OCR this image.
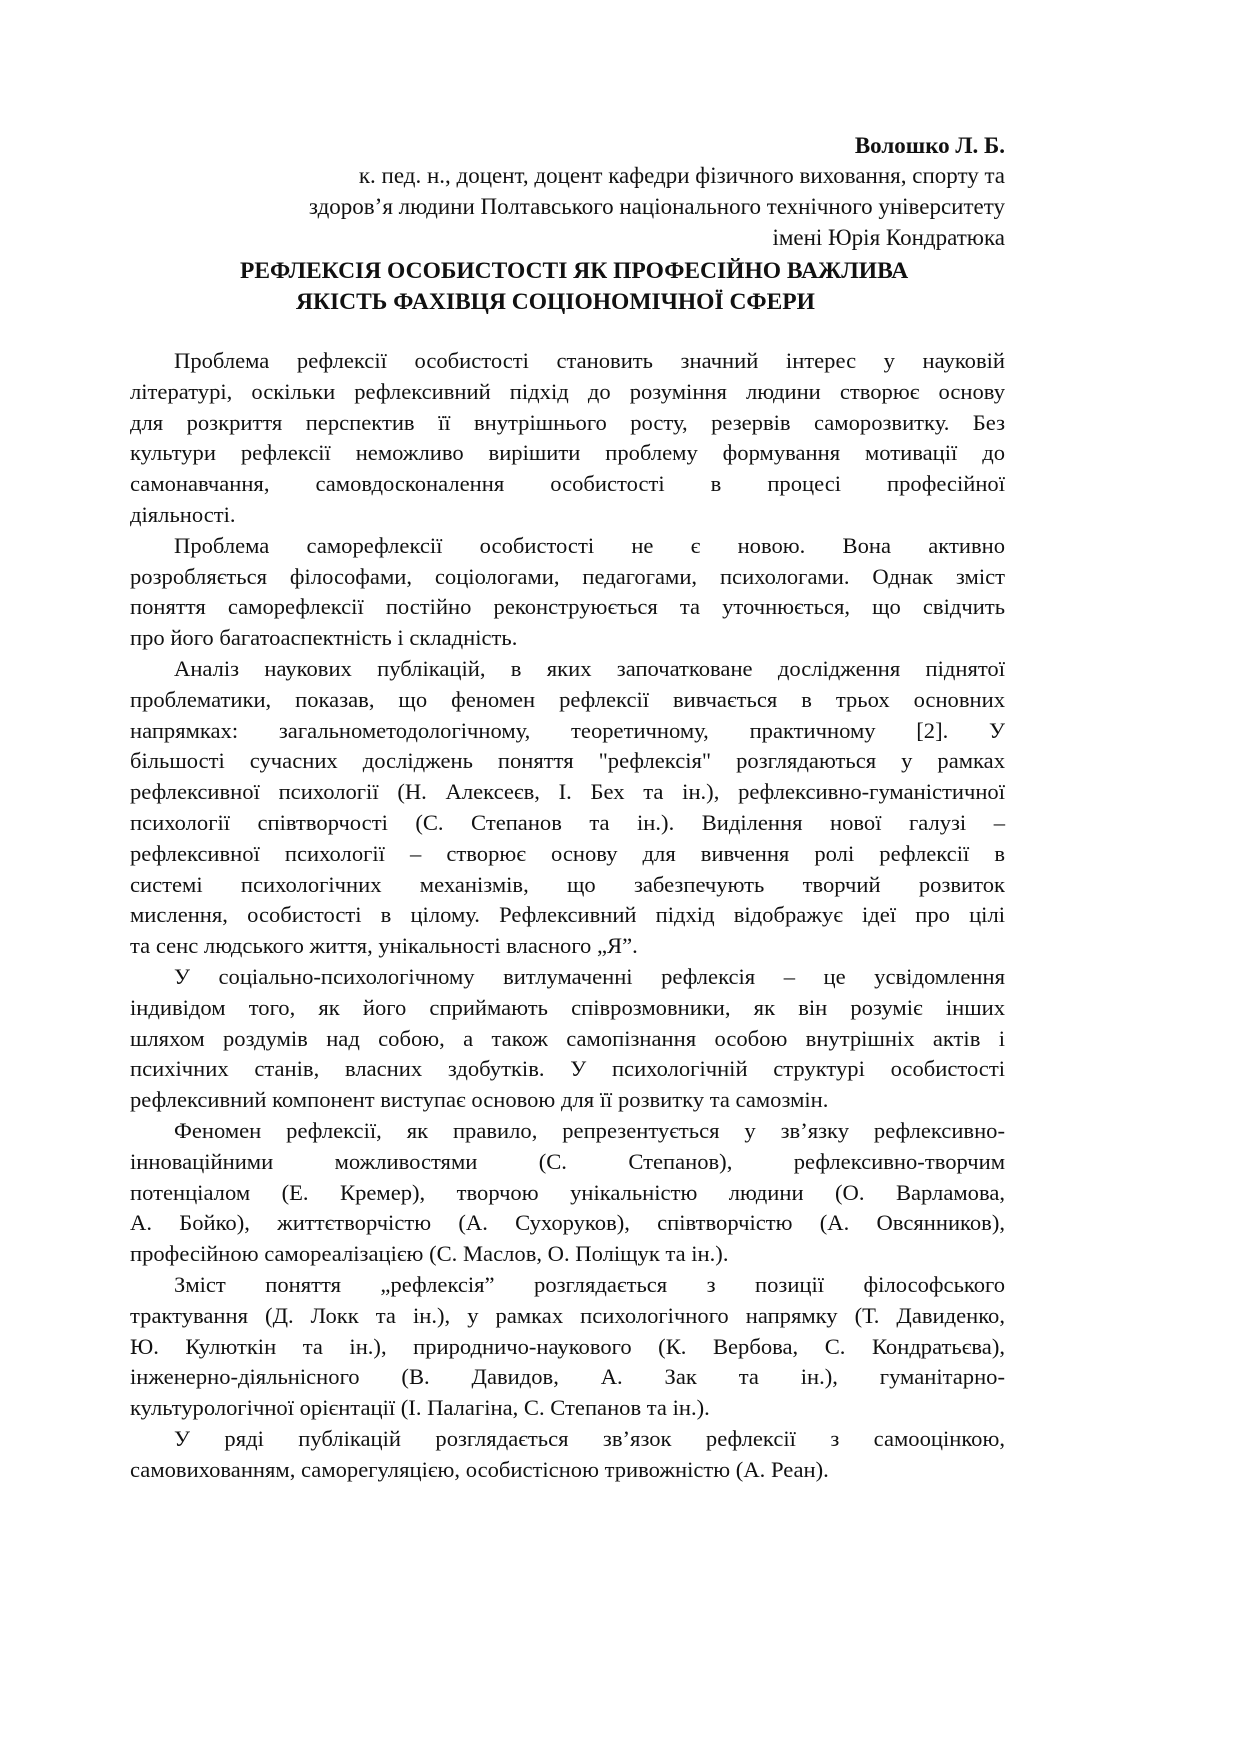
Волошко Л. Б.
к. пед. н., доцент, доцент кафедри фізичного виховання, спорту та
здоров’я людини Полтавського національного технічного університету
імені Юрія Кондратюка
РЕФЛЕКСІЯ ОСОБИСТОСТІ ЯК ПРОФЕСІЙНО ВАЖЛИВА
ЯКІСТЬ ФАХІВЦЯ СОЦІОНОМІЧНОЇ СФЕРИ
Проблема рефлексії особистості становить значний інтерес у науковій
літературі, оскільки рефлексивний підхід до розуміння людини створює основу
для розкриття перспектив її внутрішнього росту, резервів саморозвитку. Без
культури рефлексії неможливо вирішити проблему формування мотивації до
самонавчання, самовдосконалення особистості в процесі професійної
діяльності.
Проблема саморефлексії особистості не є новою. Вона активно
розробляється філософами, соціологами, педагогами, психологами. Однак зміст
поняття саморефлексії постійно реконструюється та уточнюється, що свідчить
про його багатоаспектність і складність.
Аналіз наукових публікацій, в яких започатковане дослідження піднятої
проблематики, показав, що феномен рефлексії вивчається в трьох основних
напрямках: загальнометодологічному, теоретичному, практичному [2]. У
більшості сучасних досліджень поняття "рефлексія" розглядаються у рамках
рефлексивної психології (Н. Алексеєв, І. Бех та ін.), рефлексивно-гуманістичної
психології співтворчості (С. Степанов та ін.). Виділення нової галузі –
рефлексивної психології – створює основу для вивчення ролі рефлексії в
системі психологічних механізмів, що забезпечують творчий розвиток
мислення, особистості в цілому. Рефлексивний підхід відображує ідеї про цілі
та сенс людського життя, унікальності власного „Я”.
У соціально-психологічному витлумаченні рефлексія – це усвідомлення
індивідом того, як його сприймають співрозмовники, як він розуміє інших
шляхом роздумів над собою, а також самопізнання особою внутрішніх актів і
психічних станів, власних здобутків. У психологічній структурі особистості
рефлексивний компонент виступає основою для її розвитку та самозмін.
Феномен рефлексії, як правило, репрезентується у зв’язку рефлексивно-
інноваційними можливостями (С. Степанов), рефлексивно-творчим
потенціалом (Е. Кремер), творчою унікальністю людини (О. Варламова,
А. Бойко), життєтворчістю (А. Сухоруков), співтворчістю (А. Овсянников),
професійною самореалізацією (С. Маслов, О. Поліщук та ін.).
Зміст поняття „рефлексія” розглядається з позиції філософського
трактування (Д. Локк та ін.), у рамках психологічного напрямку (Т. Давиденко,
Ю. Кулюткін та ін.), природничо-наукового (К. Вербова, С. Кондратьєва),
інженерно-діяльнісного (В. Давидов, А. Зак та ін.), гуманітарно-
культурологічної орієнтації (І. Палагіна, С. Степанов та ін.).
У ряді публікацій розглядається зв’язок рефлексії з самооцінкою,
самовихованням, саморегуляцією, особистісною тривожністю (А. Реан).
